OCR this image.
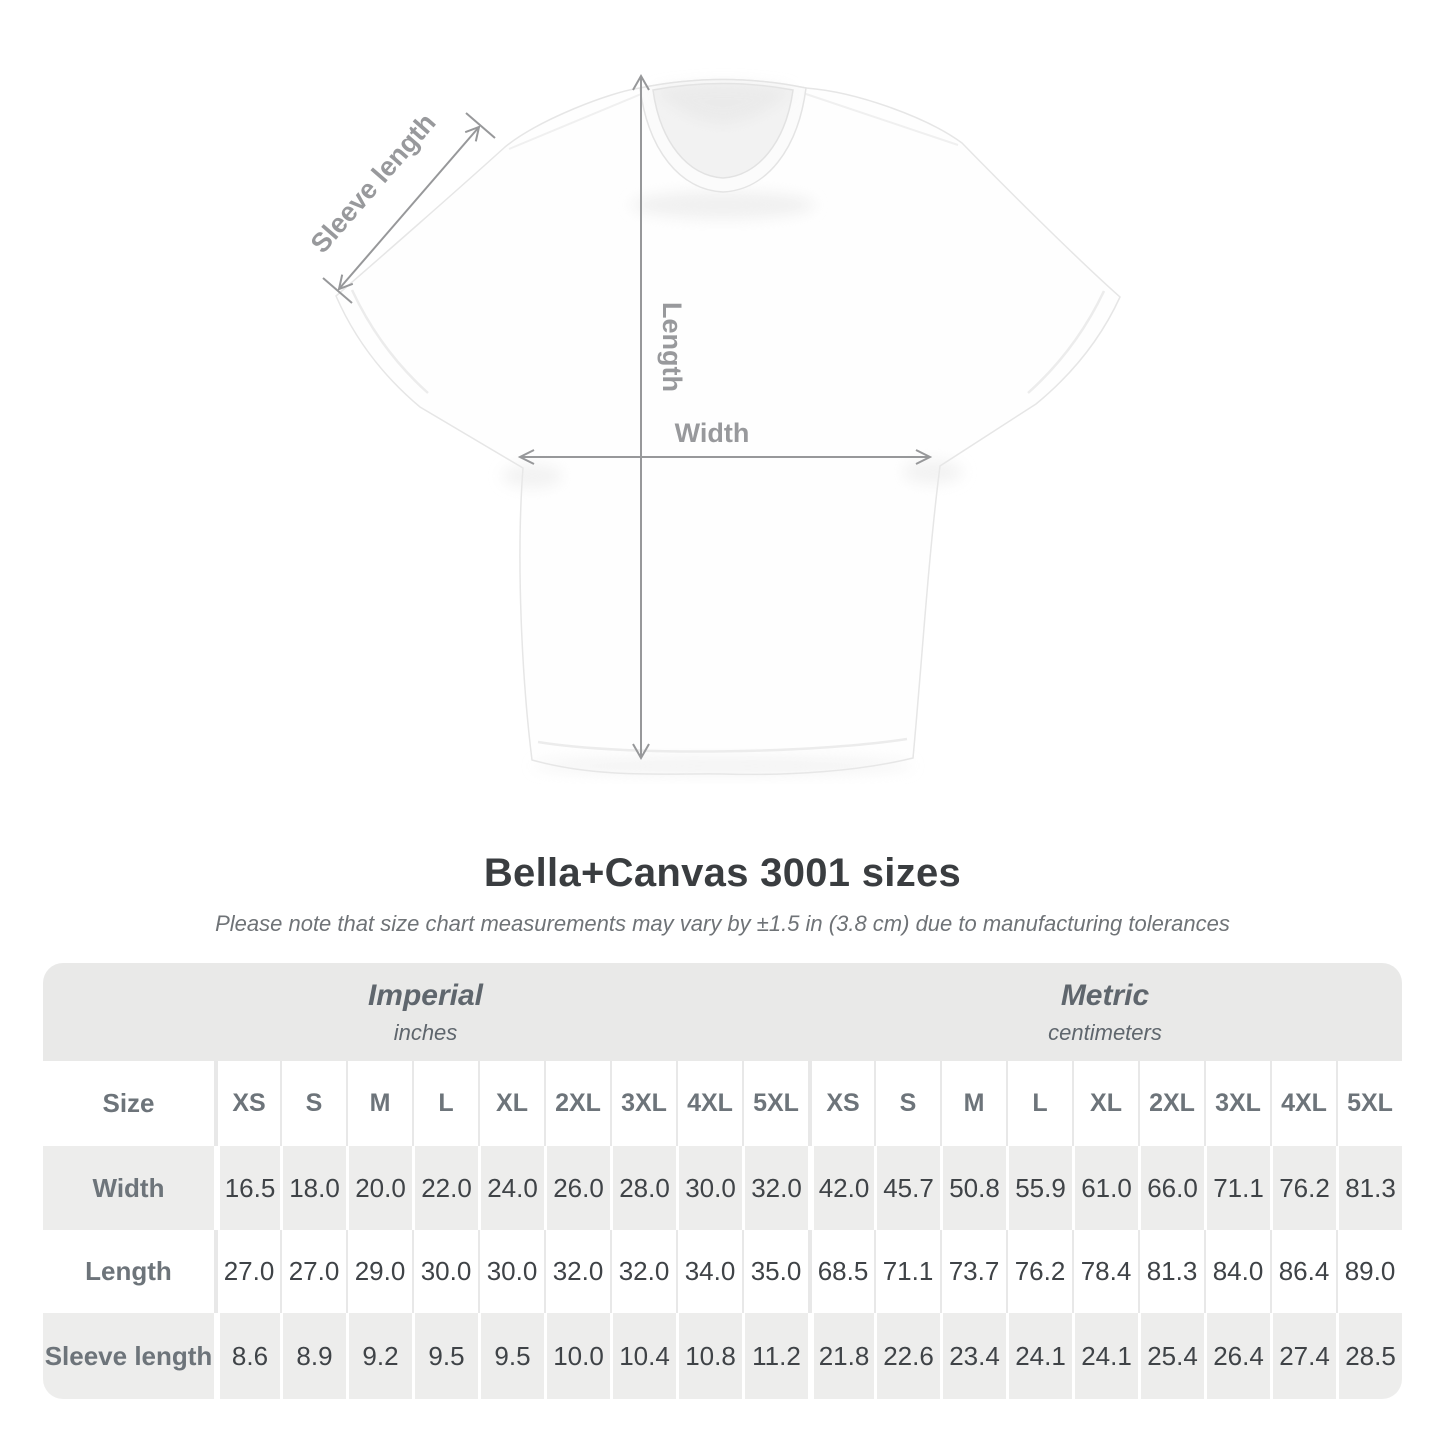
Sleeve length
Length
Width
Bella+Canvas 3001 sizes

Please note that size chart measurements may vary by ±1.5 in (3.8 cm) due to manufacturing tolerances

Imperial
inches
Metric
centimeters
Size	XS	S	M	L	XL	2XL 3XL 4XL 5XL	XS	S	M	L	XL	2XL 3XL 4XL 5XL
Width	16.5 18.0 20.0 22.0 24.0 26.0 28.0 30.0 32.0 42.0 45.7 50.8 55.9 61.0 66.0 71.1 76.2 81.3
Length	27.0 27.0 29.0 30.0 30.0 32.0 32.0 34.0 35.0 68.5 71.1 73.7 76.2 78.4 81.3 84.0 86.4 89.0
Sleeve length 8.6	8.9	9.2	9.5	9.5 10.0 10.4 10.8 11.2 21.8 22.6 23.4 24.1 24.1 25.4 26.4 27.4 28.5
